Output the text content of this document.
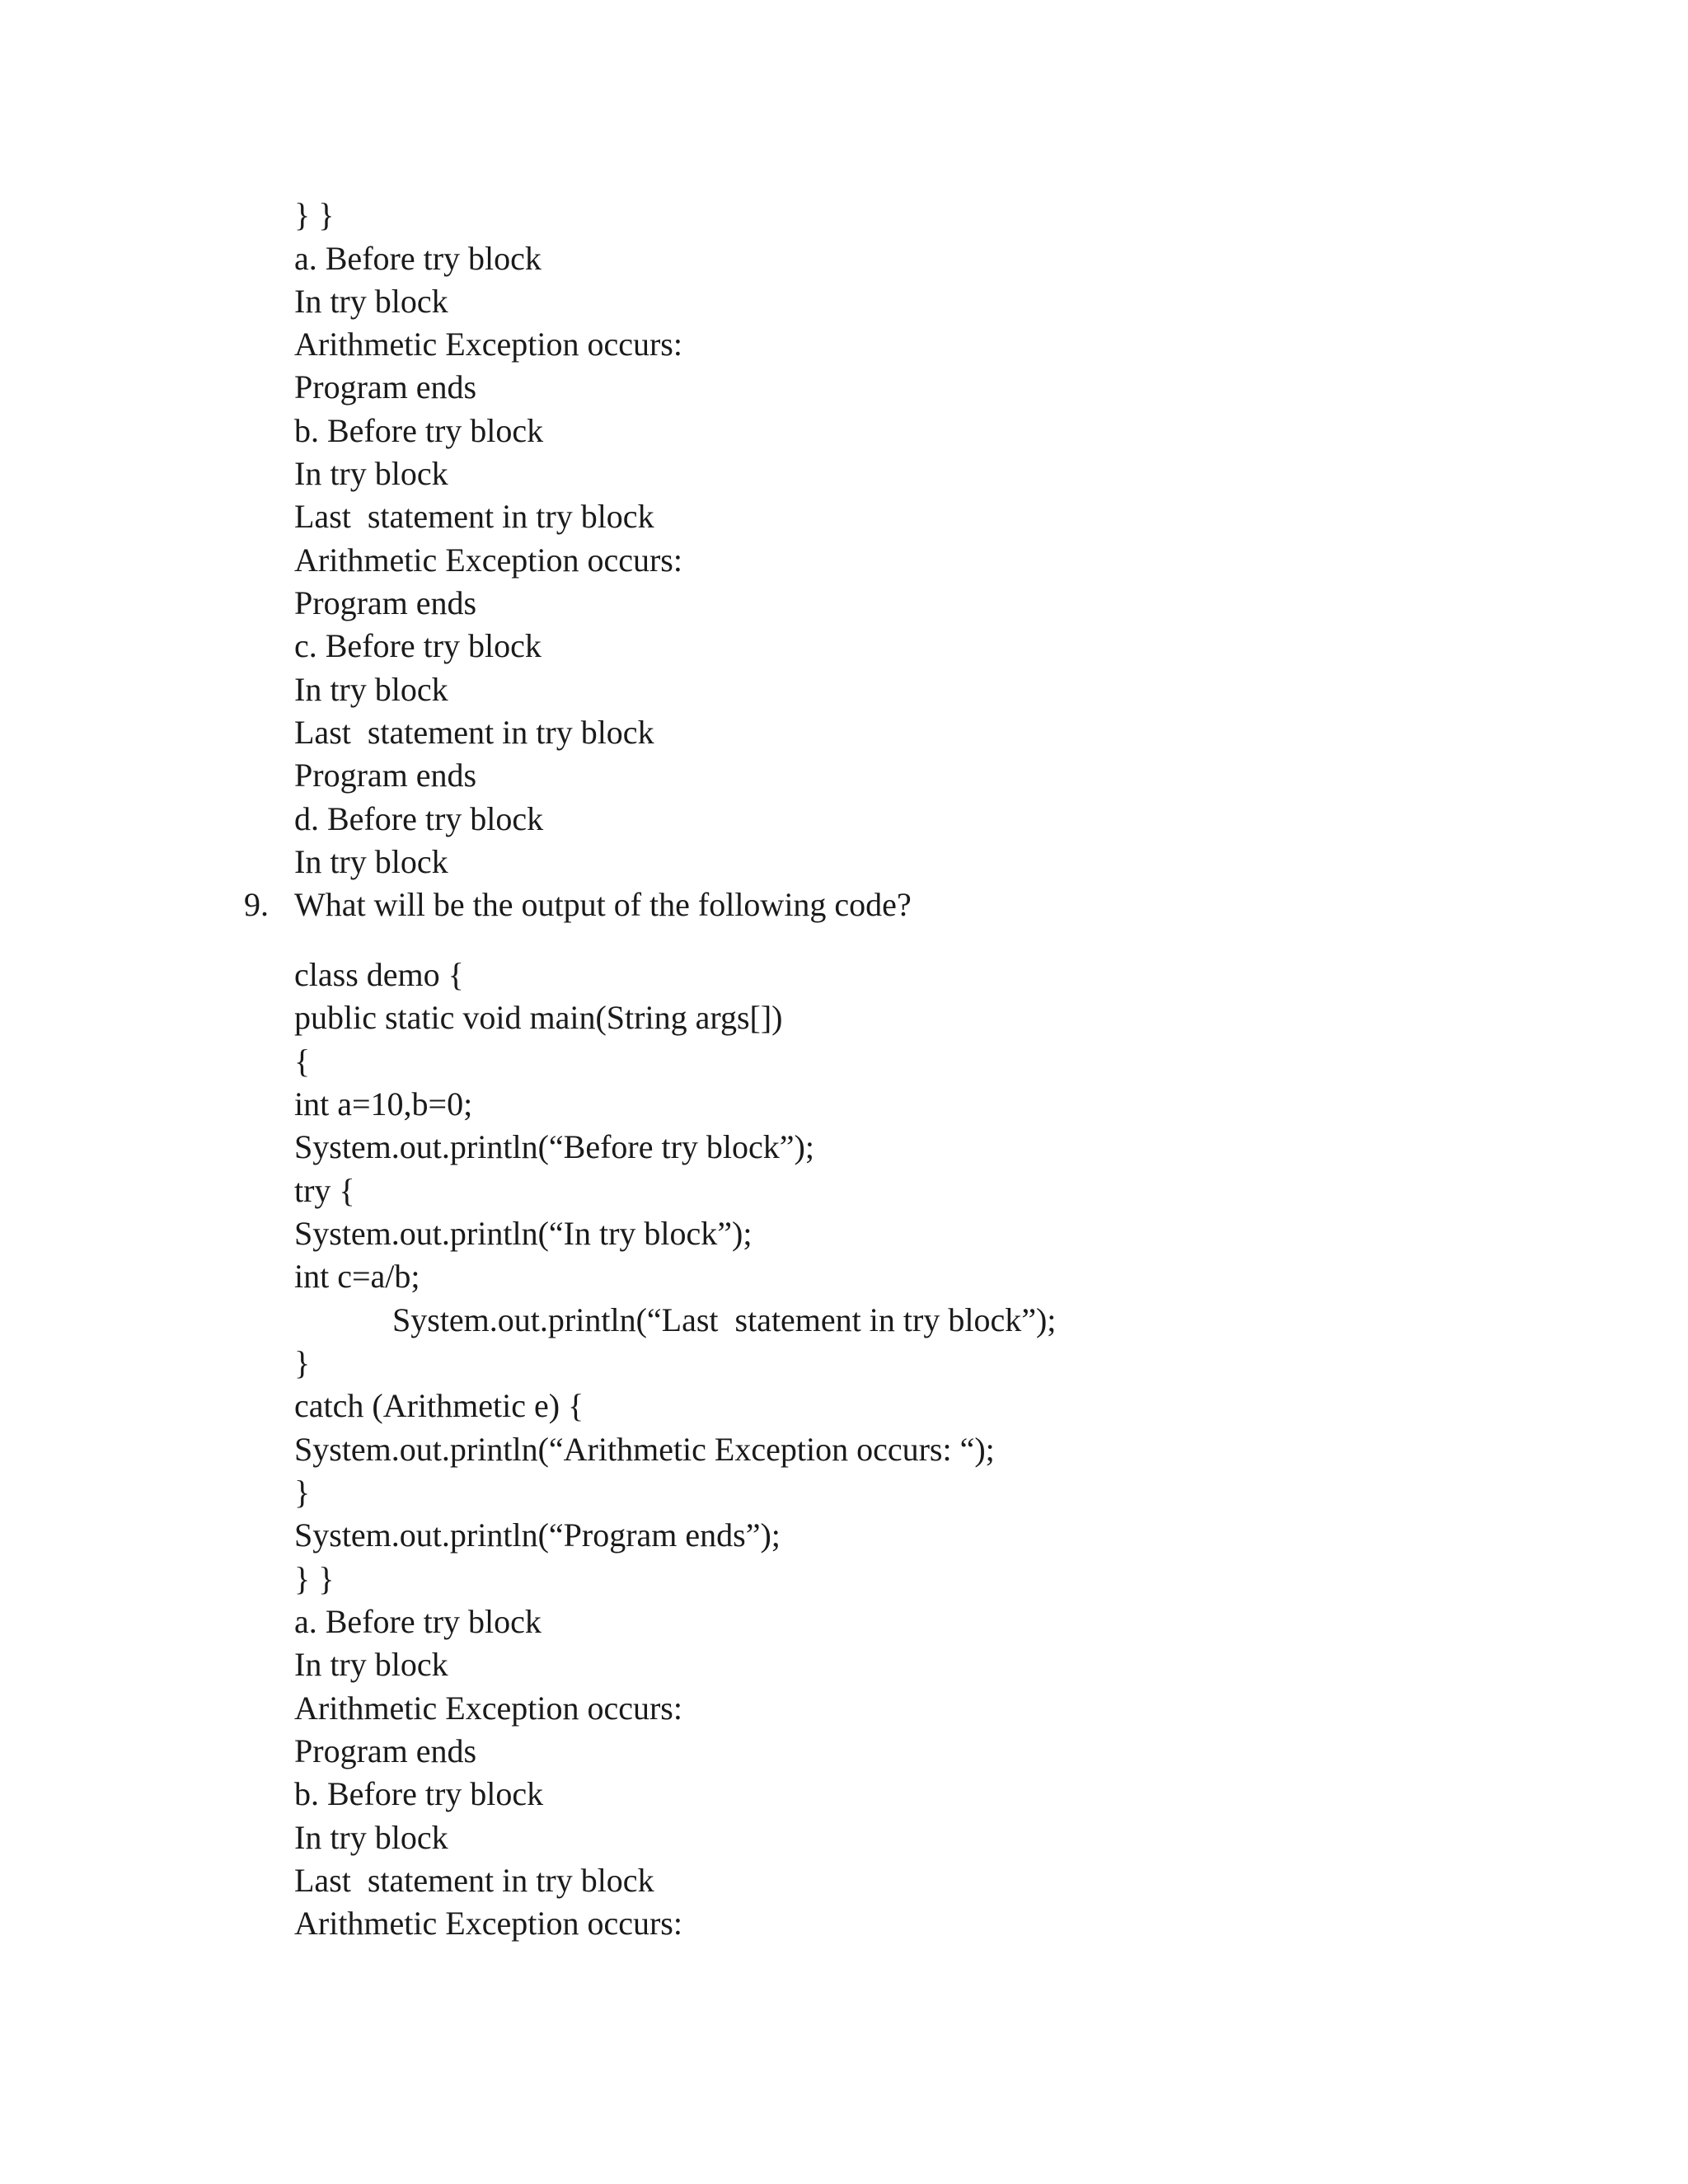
} }
a. Before try block
In try block
Arithmetic Exception occurs:
Program ends
b. Before try block
In try block
Last  statement in try block
Arithmetic Exception occurs:
Program ends
c. Before try block
In try block
Last  statement in try block
Program ends
d. Before try block
In try block
9. What will be the output of the following code?
class demo {
public static void main(String args[])
{
int a=10,b=0;
System.out.println(“Before try block”);
try {
System.out.println(“In try block”);
int c=a/b;
System.out.println(“Last  statement in try block”);
}
catch (Arithmetic e) {
System.out.println(“Arithmetic Exception occurs: “);
}
System.out.println(“Program ends”);
} }
a. Before try block
In try block
Arithmetic Exception occurs:
Program ends
b. Before try block
In try block
Last  statement in try block
Arithmetic Exception occurs:
